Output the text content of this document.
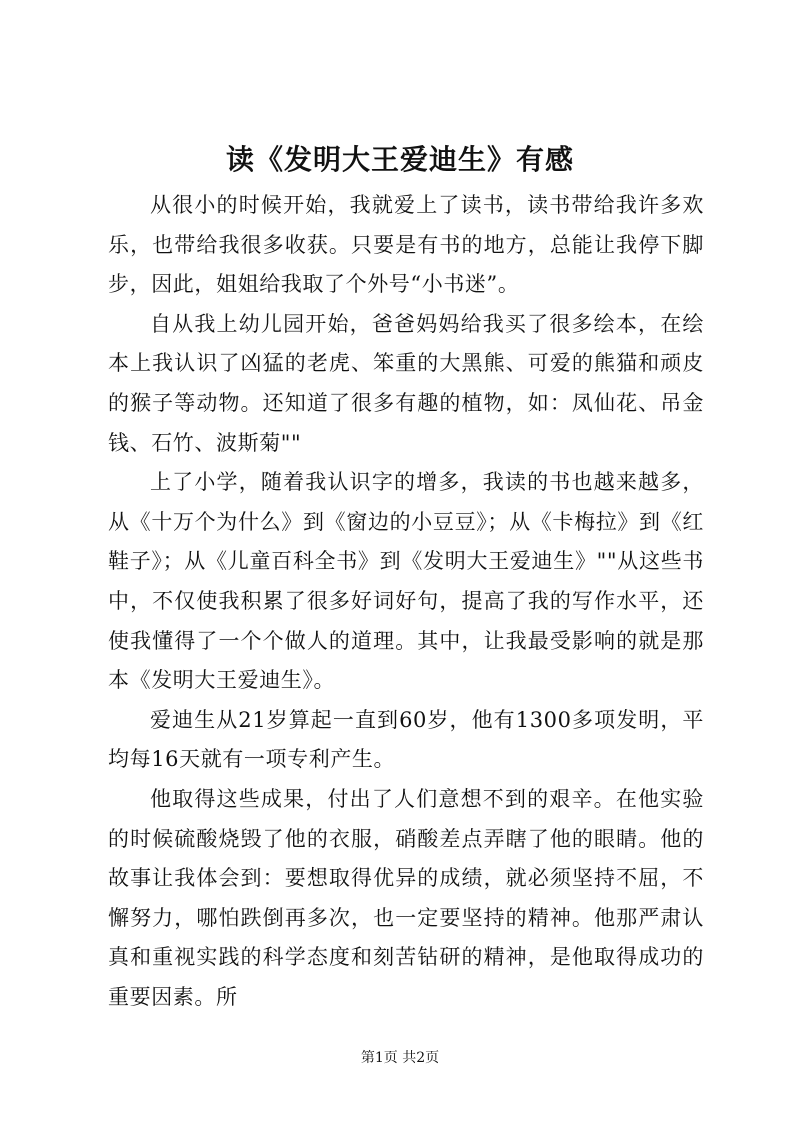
读《发明大王爱迪生》有感

从很小的时候开始，我就爱上了读书，读书带给我许多欢乐，也带给我很多收获。只要是有书的地方，总能让我停下脚步，因此，姐姐给我取了个外号“小书迷”。

自从我上幼儿园开始，爸爸妈妈给我买了很多绘本，在绘本上我认识了凶猛的老虎、笨重的大黑熊、可爱的熊猫和顽皮的猴子等动物。还知道了很多有趣的植物，如：凤仙花、吊金钱、石竹、波斯菊""

上了小学，随着我认识字的增多，我读的书也越来越多，从《十万个为什么》到《窗边的小豆豆》；从《卡梅拉》到《红鞋子》；从《儿童百科全书》到《发明大王爱迪生》""从这些书中，不仅使我积累了很多好词好句，提高了我的写作水平，还使我懂得了一个个做人的道理。其中，让我最受影响的就是那本《发明大王爱迪生》。

爱迪生从21岁算起一直到60岁，他有1300多项发明，平均每16天就有一项专利产生。

他取得这些成果，付出了人们意想不到的艰辛。在他实验的时候硫酸烧毁了他的衣服，硝酸差点弄瞎了他的眼睛。他的故事让我体会到：要想取得优异的成绩，就必须坚持不屈，不懈努力，哪怕跌倒再多次，也一定要坚持的精神。他那严肃认真和重视实践的科学态度和刻苦钻研的精神，是他取得成功的重要因素。所

第1页 共2页
